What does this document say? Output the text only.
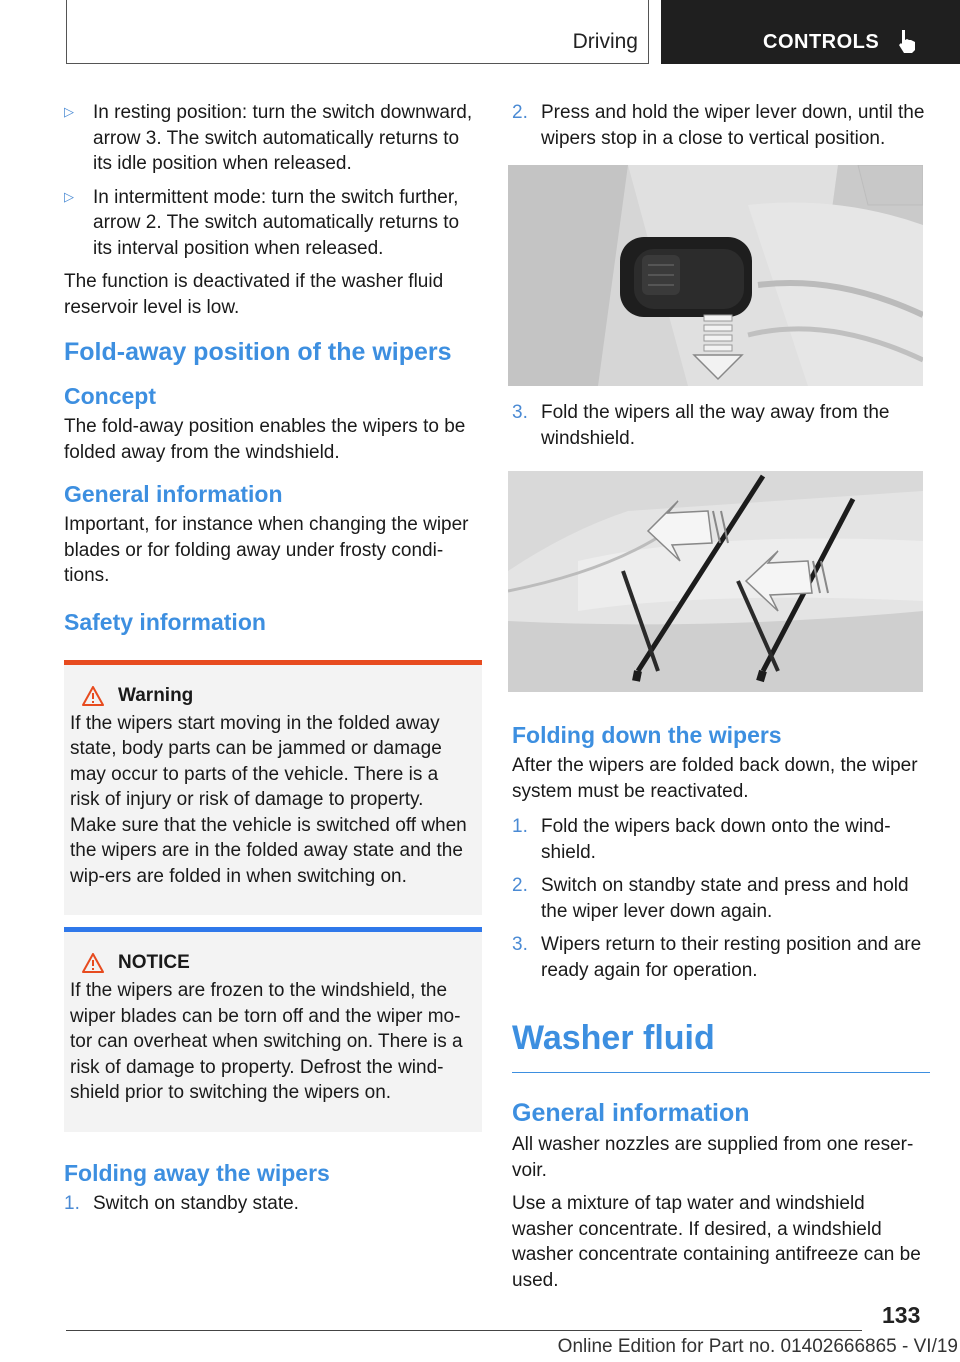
Driving	CONTROLS
▷	In resting position: turn the switch downward, arrow 3. The switch automatically returns to its idle position when released.
▷	In intermittent mode: turn the switch further, arrow 2. The switch automatically returns to its interval position when released.

The function is deactivated if the washer fluid reservoir level is low.

Fold-away position of the wipers
Concept

The fold-away position enables the wipers to be folded away from the windshield.

General information

Important, for instance when changing the wiper blades or for folding away under frosty condi‐tions.

Safety information
Warning

If the wipers start moving in the folded away state, body parts can be jammed or damage may occur to parts of the vehicle. There is a risk of injury or risk of damage to property. Make sure that the vehicle is switched off when the wipers are in the folded away state and the wip‐ers are folded in when switching on.

NOTICE

If the wipers are frozen to the windshield, the wiper blades can be torn off and the wiper mo‐tor can overheat when switching on. There is a risk of damage to property. Defrost the wind‐shield prior to switching the wipers on.

Folding away the wipers
1. Switch on standby state.
2. Press and hold the wiper lever down, until the wipers stop in a close to vertical position.
3. Fold the wipers all the way away from the windshield.
Folding down the wipers

After the wipers are folded back down, the wiper system must be reactivated.

1. Fold the wipers back down onto the wind‐shield.
2. Switch on standby state and press and hold the wiper lever down again.
3. Wipers return to their resting position and are ready again for operation.
Washer fluid
General information

All washer nozzles are supplied from one reser‐voir.

Use a mixture of tap water and windshield washer concentrate. If desired, a windshield washer concentrate containing antifreeze can be used.

133
Online Edition for Part no. 01402666865 - VI/19
